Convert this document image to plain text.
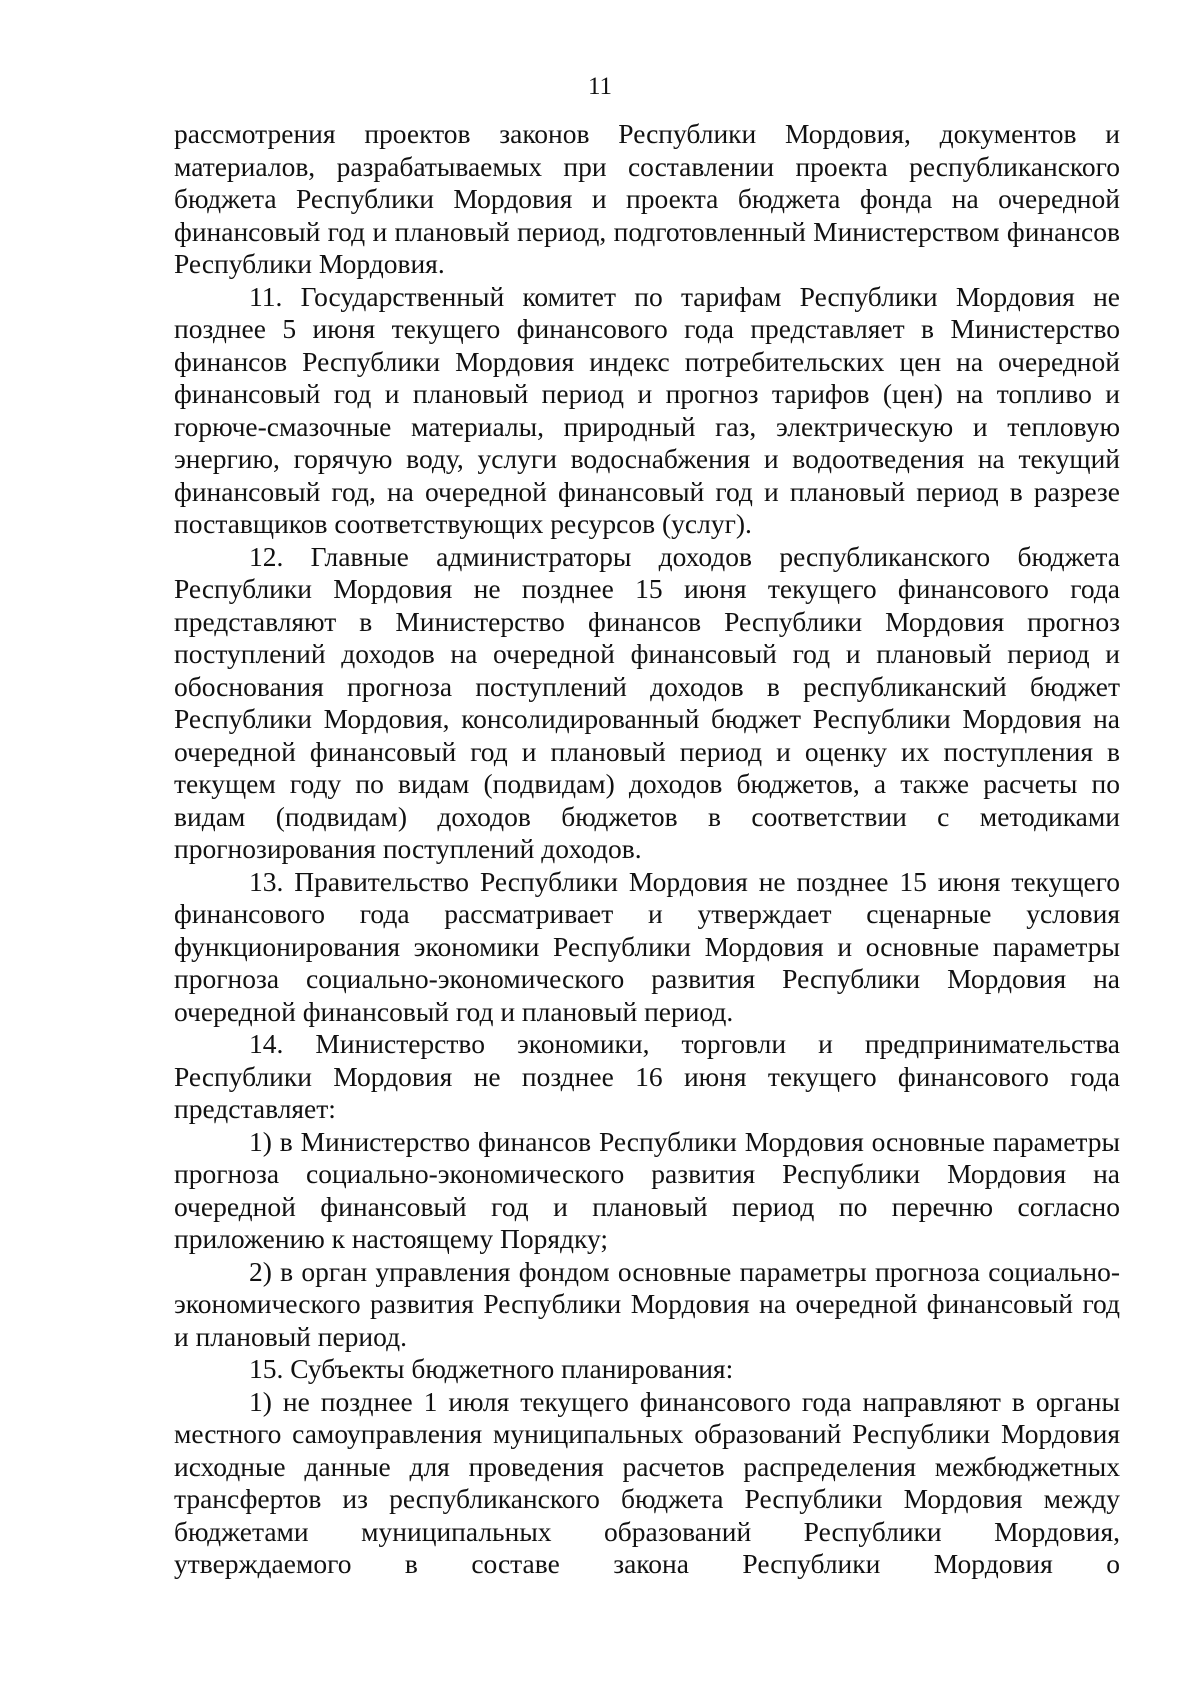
11

рассмотрения проектов законов Республики Мордовия, документов и материалов, разрабатываемых при составлении проекта республиканского бюджета Республики Мордовия и проекта бюджета фонда на очередной финансовый год и плановый период, подготовленный Министерством финансов Республики Мордовия.

11. Государственный комитет по тарифам Республики Мордовия не позднее 5 июня текущего финансового года представляет в Министерство финансов Республики Мордовия индекс потребительских цен на очередной финансовый год и плановый период и прогноз тарифов (цен) на топливо и горюче-смазочные материалы, природный газ, электрическую и тепловую энергию, горячую воду, услуги водоснабжения и водоотведения на текущий финансовый год, на очередной финансовый год и плановый период в разрезе поставщиков соответствующих ресурсов (услуг).

12. Главные администраторы доходов республиканского бюджета Республики Мордовия не позднее 15 июня текущего финансового года представляют в Министерство финансов Республики Мордовия прогноз поступлений доходов на очередной финансовый год и плановый период и обоснования прогноза поступлений доходов в республиканский бюджет Республики Мордовия, консолидированный бюджет Республики Мордовия на очередной финансовый год и плановый период и оценку их поступления в текущем году по видам (подвидам) доходов бюджетов, а также расчеты по видам (подвидам) доходов бюджетов в соответствии с методиками прогнозирования поступлений доходов.

13. Правительство Республики Мордовия не позднее 15 июня текущего финансового года рассматривает и утверждает сценарные условия функционирования экономики Республики Мордовия и основные параметры прогноза социально-экономического развития Республики Мордовия на очередной финансовый год и плановый период.

14. Министерство экономики, торговли и предпринимательства Республики Мордовия не позднее 16 июня текущего финансового года представляет:

1) в Министерство финансов Республики Мордовия основные параметры прогноза социально-экономического развития Республики Мордовия на очередной финансовый год и плановый период по перечню согласно приложению к настоящему Порядку;

2) в орган управления фондом основные параметры прогноза социально-экономического развития Республики Мордовия на очередной финансовый год и плановый период.

15. Субъекты бюджетного планирования:

1) не позднее 1 июля текущего финансового года направляют в органы местного самоуправления муниципальных образований Республики Мордовия исходные данные для проведения расчетов распределения межбюджетных трансфертов из республиканского бюджета Республики Мордовия между бюджетами муниципальных образований Республики Мордовия, утверждаемого в составе закона Республики Мордовия о
